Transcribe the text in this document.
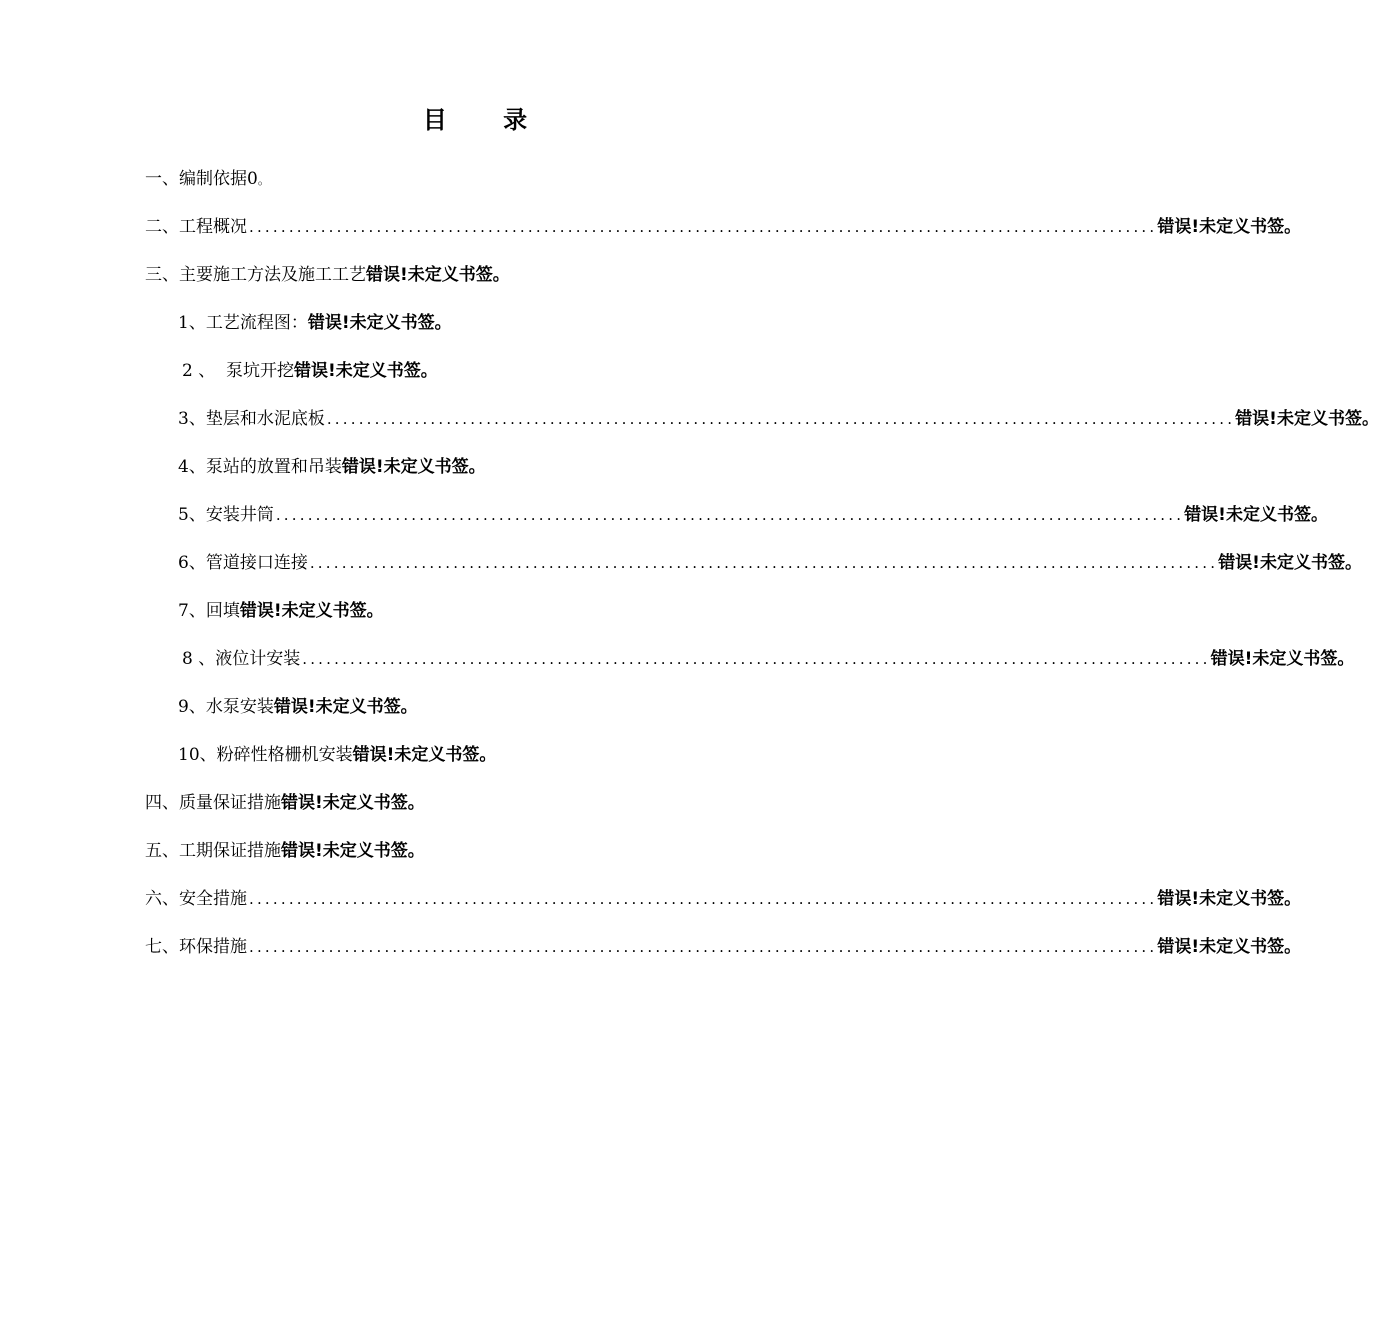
目 录
一、编制依据0 。
二、工程概况 .................................................................................................................. 错误!未定义书签。
三、主要施工方法及施工工艺 错误!未定义书签。
1、工艺流程图： 错误!未定义书签。
2 、  泵坑开挖 错误!未定义书签。
3、垫层和水泥底板 .................................................................................................................. 错误!未定义书签。
4、泵站的放置和吊装 错误!未定义书签。
5、安装井筒 .................................................................................................................. 错误!未定义书签。
6、管道接口连接 .................................................................................................................. 错误!未定义书签。
7、回填 错误!未定义书签。
8 、液位计安装 .................................................................................................................. 错误!未定义书签。
9、水泵安装 错误!未定义书签。
10、粉碎性格栅机安装 错误!未定义书签。
四、质量保证措施 错误!未定义书签。
五、工期保证措施 错误!未定义书签。
六、安全措施 .................................................................................................................. 错误!未定义书签。
七、环保措施 .................................................................................................................. 错误!未定义书签。
